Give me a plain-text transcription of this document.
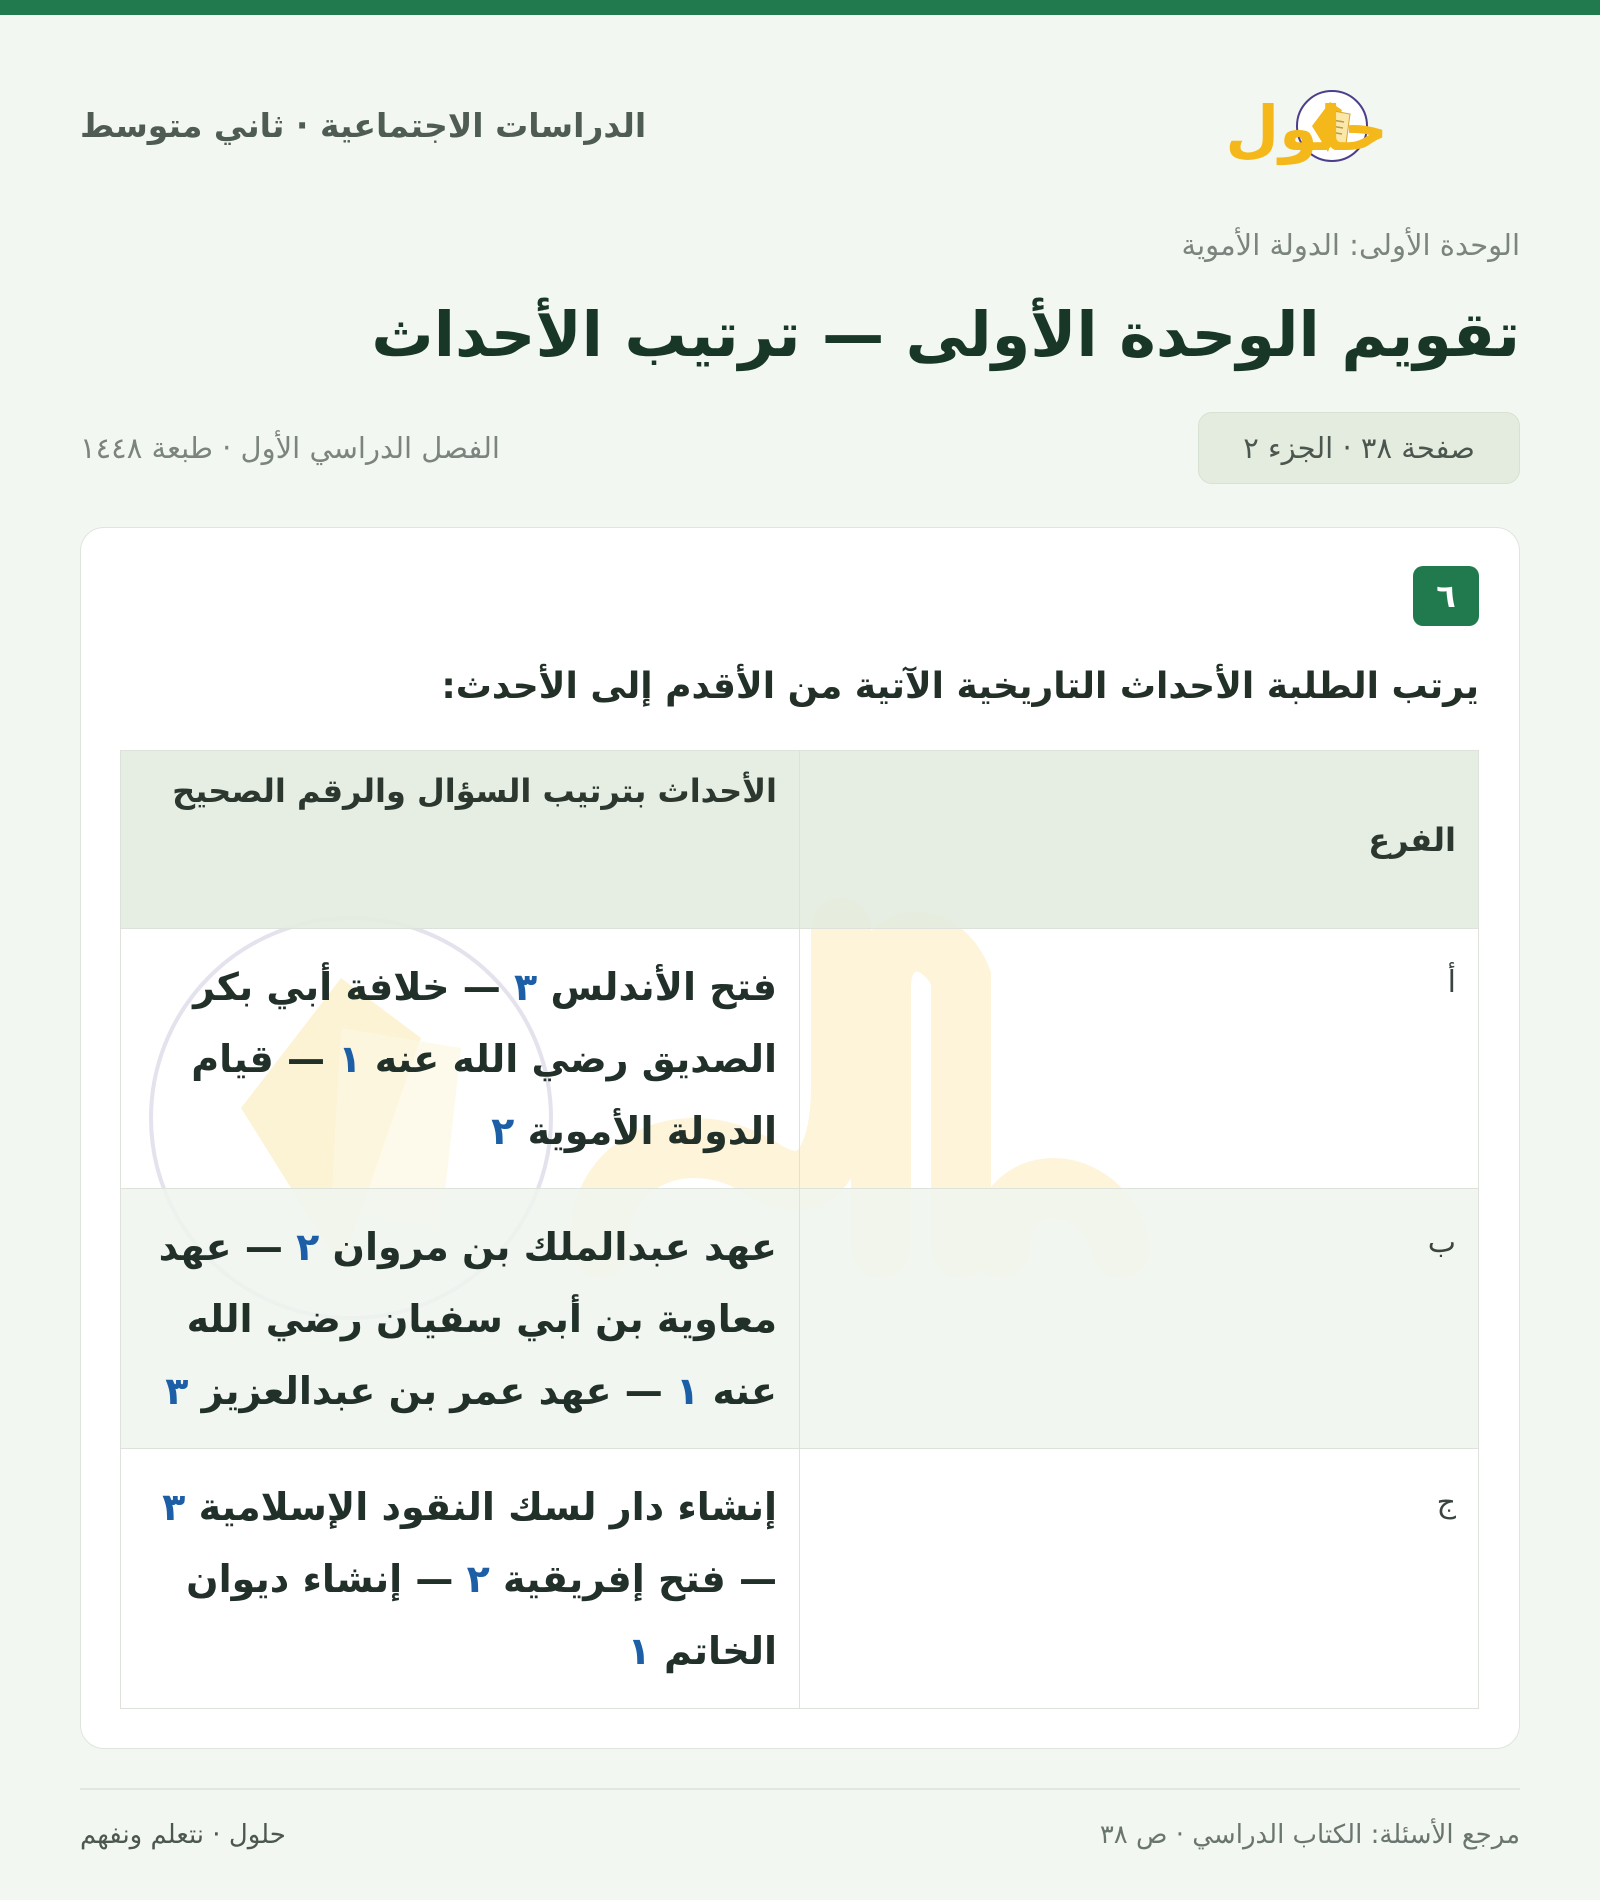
الدراسات الاجتماعية · ثاني متوسط	حلول
الوحدة الأولى: الدولة الأموية
تقويم الوحدة الأولى — ترتيب الأحداث
الفصل الدراسي الأول · طبعة ١٤٤٨	صفحة ٣٨ · الجزء ٢
٦
يرتب الطلبة الأحداث التاريخية الآتية من الأقدم إلى الأحدث:
الفرع	الأحداث بترتيب السؤال والرقم الصحيح
أ	فتح الأندلس ٣ — خلافة أبي بكر الصديق رضي الله عنه ١ — قيام الدولة الأموية ٢
ب	عهد عبدالملك بن مروان ٢ — عهد معاوية بن أبي سفيان رضي الله عنه ١ — عهد عمر بن عبدالعزيز ٣
ج	إنشاء دار لسك النقود الإسلامية ٣ — فتح إفريقية ٢ — إنشاء ديوان الخاتم ١
مرجع الأسئلة: الكتاب الدراسي · ص ٣٨
حلول · نتعلم ونفهم
